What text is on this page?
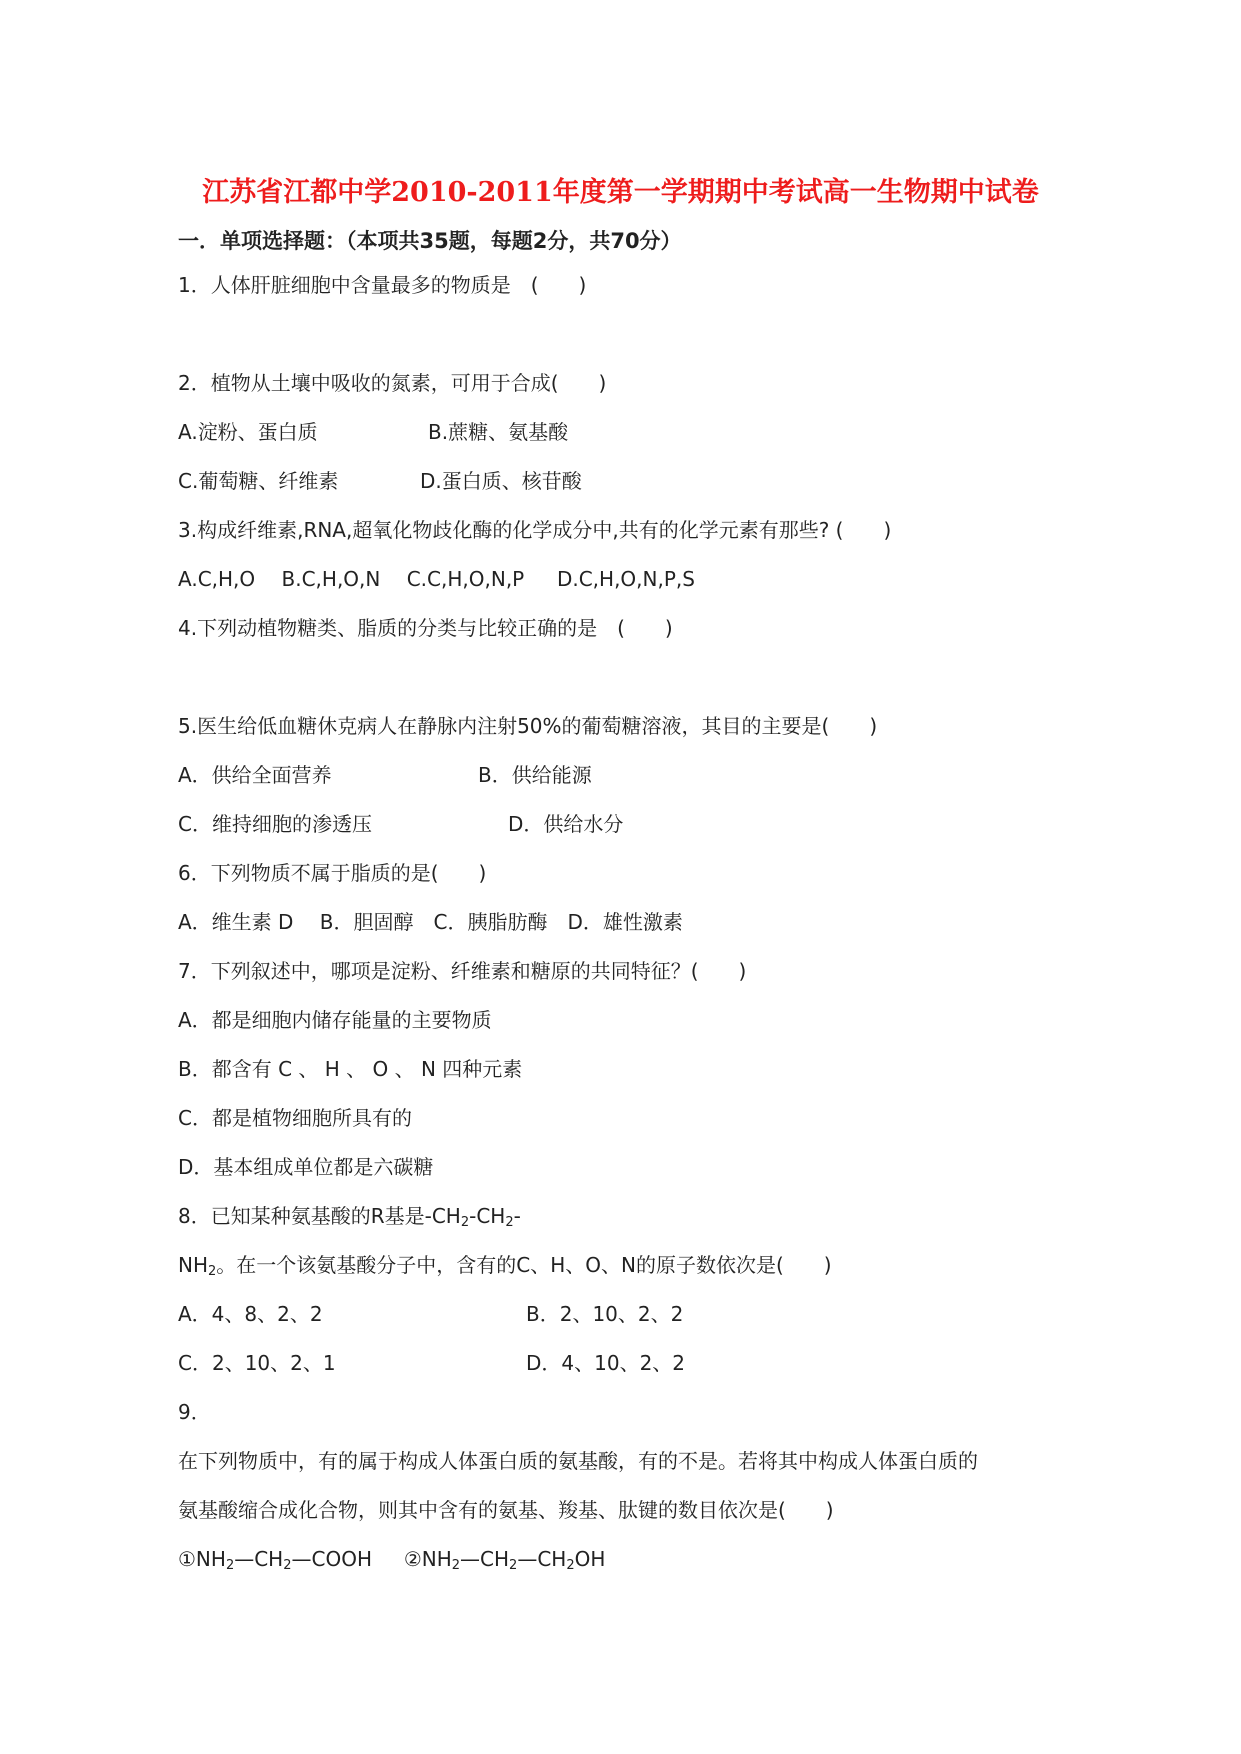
江苏省江都中学2010-2011年度第一学期期中考试高一生物期中试卷
一．单项选择题：（本项共35题，每题2分，共70分）
1．人体肝脏细胞中含量最多的物质是　(　　)
2．植物从土壤中吸收的氮素，可用于合成(　　)
A.淀粉、蛋白质	B.蔗糖、氨基酸
C.葡萄糖、纤维素	D.蛋白质、核苷酸
3.构成纤维素,RNA,超氧化物歧化酶的化学成分中,共有的化学元素有那些? (　　)
A.C,H,O　 B.C,H,O,N　 C.C,H,O,N,P　  D.C,H,O,N,P,S
4.下列动植物糖类、脂质的分类与比较正确的是　(　　)
5.医生给低血糖休克病人在静脉内注射50%的葡萄糖溶液，其目的主要是(　　)
A．供给全面营养	B．供给能源
C．维持细胞的渗透压	D．供给水分
6．下列物质不属于脂质的是(　　)
A．维生素 D　 B．胆固醇　C．胰脂肪酶　D．雄性激素
7．下列叙述中，哪项是淀粉、纤维素和糖原的共同特征？(　　)
A．都是细胞内储存能量的主要物质
B．都含有 C 、 H 、 O 、 N 四种元素
C．都是植物细胞所具有的
D．基本组成单位都是六碳糖
8．已知某种氨基酸的R基是$-CH_2-CH_2-$
$NH_2$。在一个该氨基酸分子中，含有的C、H、O、N的原子数依次是(　　)
A．4、8、2、2	B．2、10、2、2
C．2、10、2、1	D．4、10、2、2
9．
在下列物质中，有的属于构成人体蛋白质的氨基酸，有的不是。若将其中构成人体蛋白质的
氨基酸缩合成化合物，则其中含有的氨基、羧基、肽键的数目依次是(　　)
$①NH_2—CH_2—COOH$ $②NH_2—CH_2—CH_2OH$
